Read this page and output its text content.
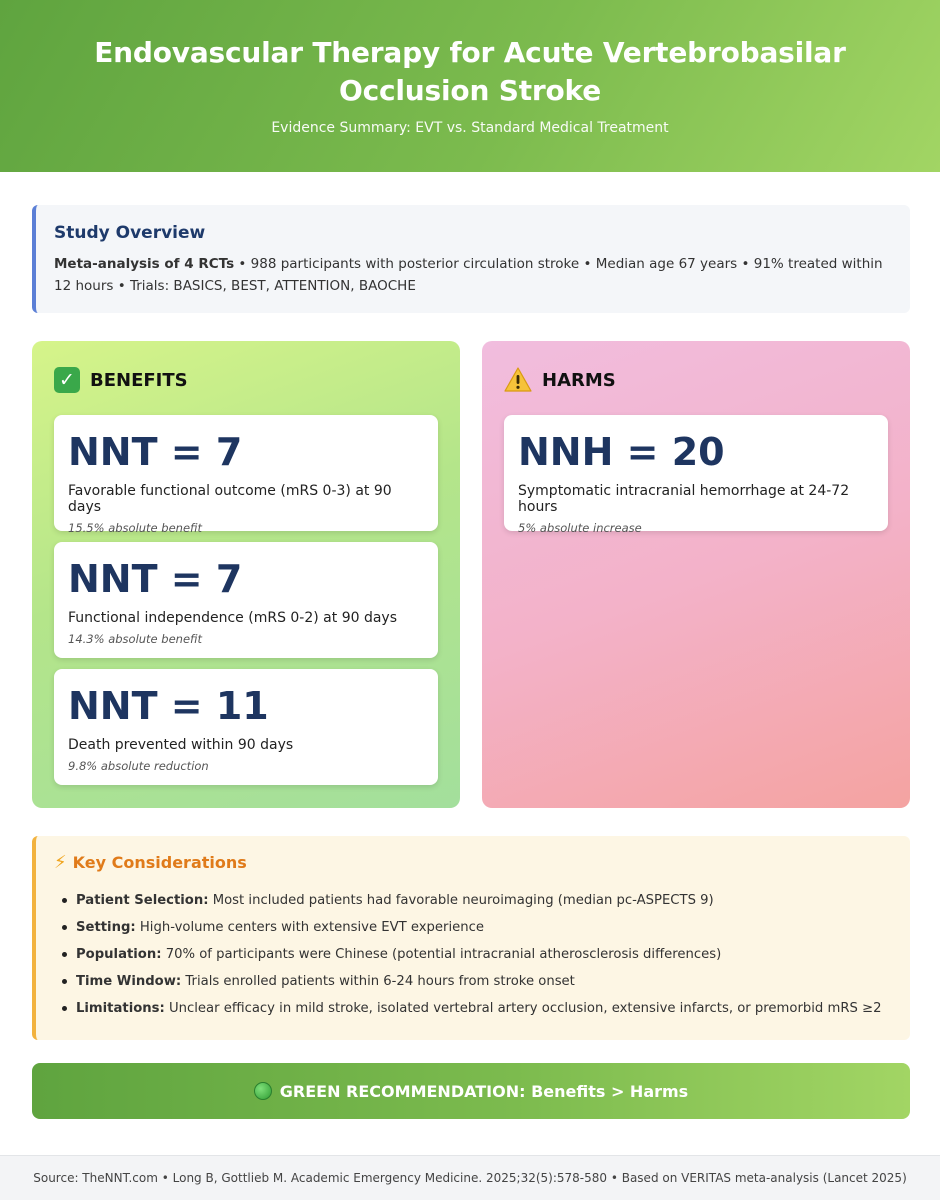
Endovascular Therapy for Acute Vertebrobasilar Occlusion Stroke
Evidence Summary: EVT vs. Standard Medical Treatment
Study Overview

Meta-analysis of 4 RCTs • 988 participants with posterior circulation stroke • Median age 67 years • 91% treated within 12 hours • Trials: BASICS, BEST, ATTENTION, BAOCHE

✓ BENEFITS
NNT = 7
Favorable functional outcome (mRS 0-3) at 90 days
15.5% absolute benefit
NNT = 7
Functional independence (mRS 0-2) at 90 days
14.3% absolute benefit
NNT = 11
Death prevented within 90 days
9.8% absolute reduction
HARMS
NNH = 20
Symptomatic intracranial hemorrhage at 24-72 hours
5% absolute increase
⚡ Key Considerations
Patient Selection: Most included patients had favorable neuroimaging (median pc-ASPECTS 9)
Setting: High-volume centers with extensive EVT experience
Population: 70% of participants were Chinese (potential intracranial atherosclerosis differences)
Time Window: Trials enrolled patients within 6-24 hours from stroke onset
Limitations: Unclear efficacy in mild stroke, isolated vertebral artery occlusion, extensive infarcts, or premorbid mRS ≥2
GREEN RECOMMENDATION: Benefits > Harms
Source: TheNNT.com • Long B, Gottlieb M. Academic Emergency Medicine. 2025;32(5):578-580 • Based on VERITAS meta-analysis (Lancet 2025)
